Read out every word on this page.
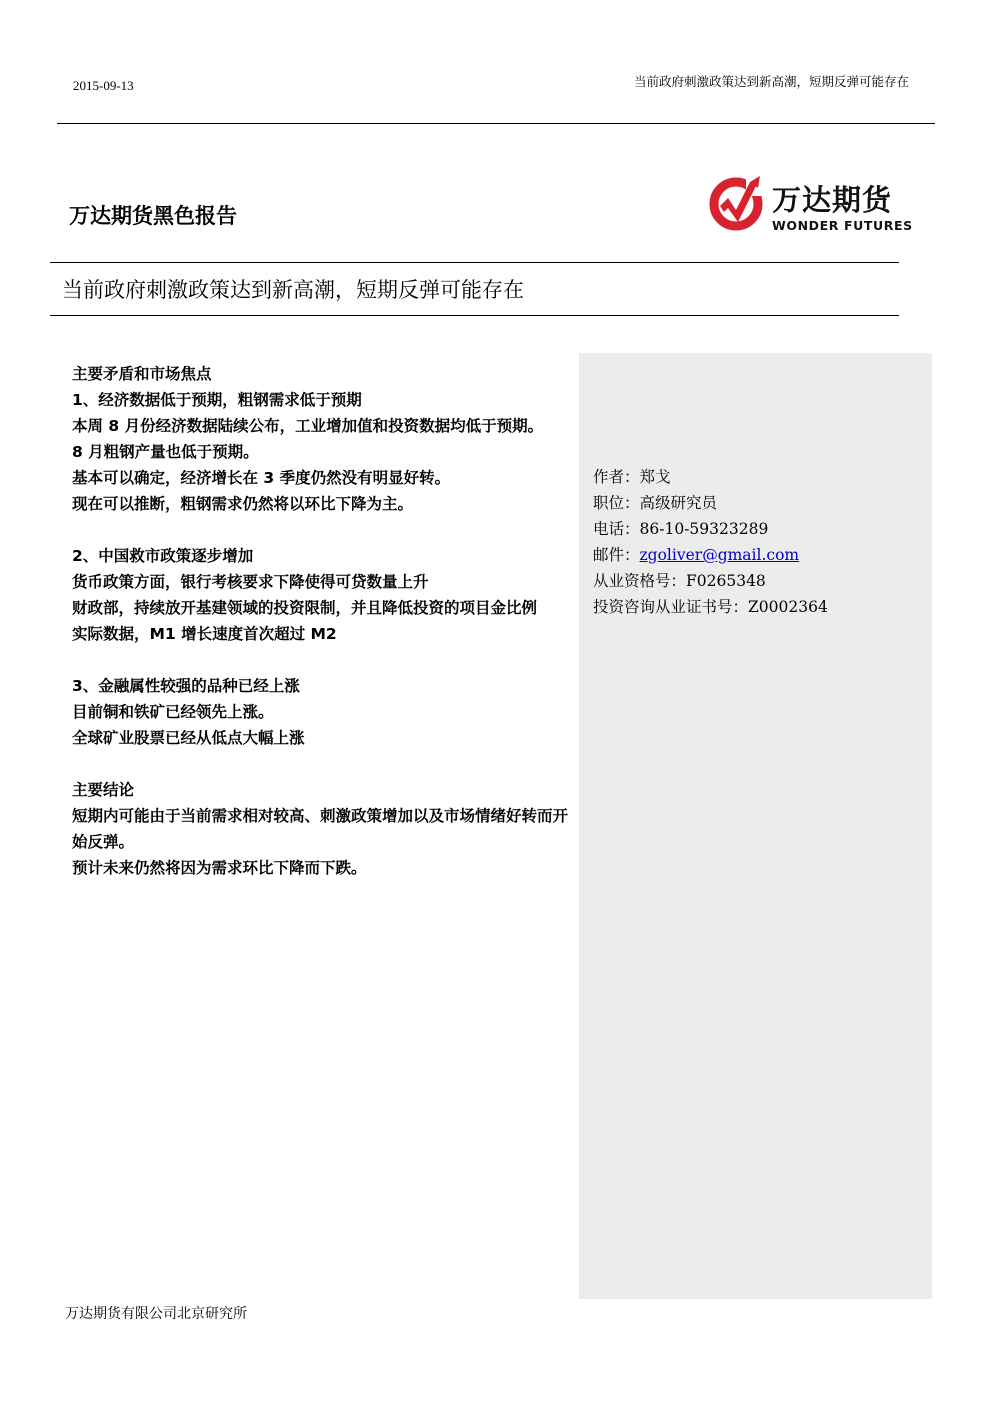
2015-09-13	当前政府刺激政策达到新高潮，短期反弹可能存在
万达期货黑色报告	万达期货
WONDER FUTURES
当前政府刺激政策达到新高潮，短期反弹可能存在

主要矛盾和市场焦点

1、经济数据低于预期，粗钢需求低于预期

本周 8 月份经济数据陆续公布，工业增加值和投资数据均低于预期。

8 月粗钢产量也低于预期。

基本可以确定，经济增长在 3 季度仍然没有明显好转。

现在可以推断，粗钢需求仍然将以环比下降为主。

2、中国救市政策逐步增加

货币政策方面，银行考核要求下降使得可贷数量上升

财政部，持续放开基建领域的投资限制，并且降低投资的项目金比例

实际数据，M1 增长速度首次超过 M2

3、金融属性较强的品种已经上涨

目前铜和铁矿已经领先上涨。

全球矿业股票已经从低点大幅上涨

主要结论

短期内可能由于当前需求相对较高、刺激政策增加以及市场情绪好转而开始反弹。

预计未来仍然将因为需求环比下降而下跌。

作者：郑戈

职位：高级研究员

电话：86-10-59323289

邮件：zgoliver@gmail.com

从业资格号：F0265348

投资咨询从业证书号：Z0002364

万达期货有限公司北京研究所
